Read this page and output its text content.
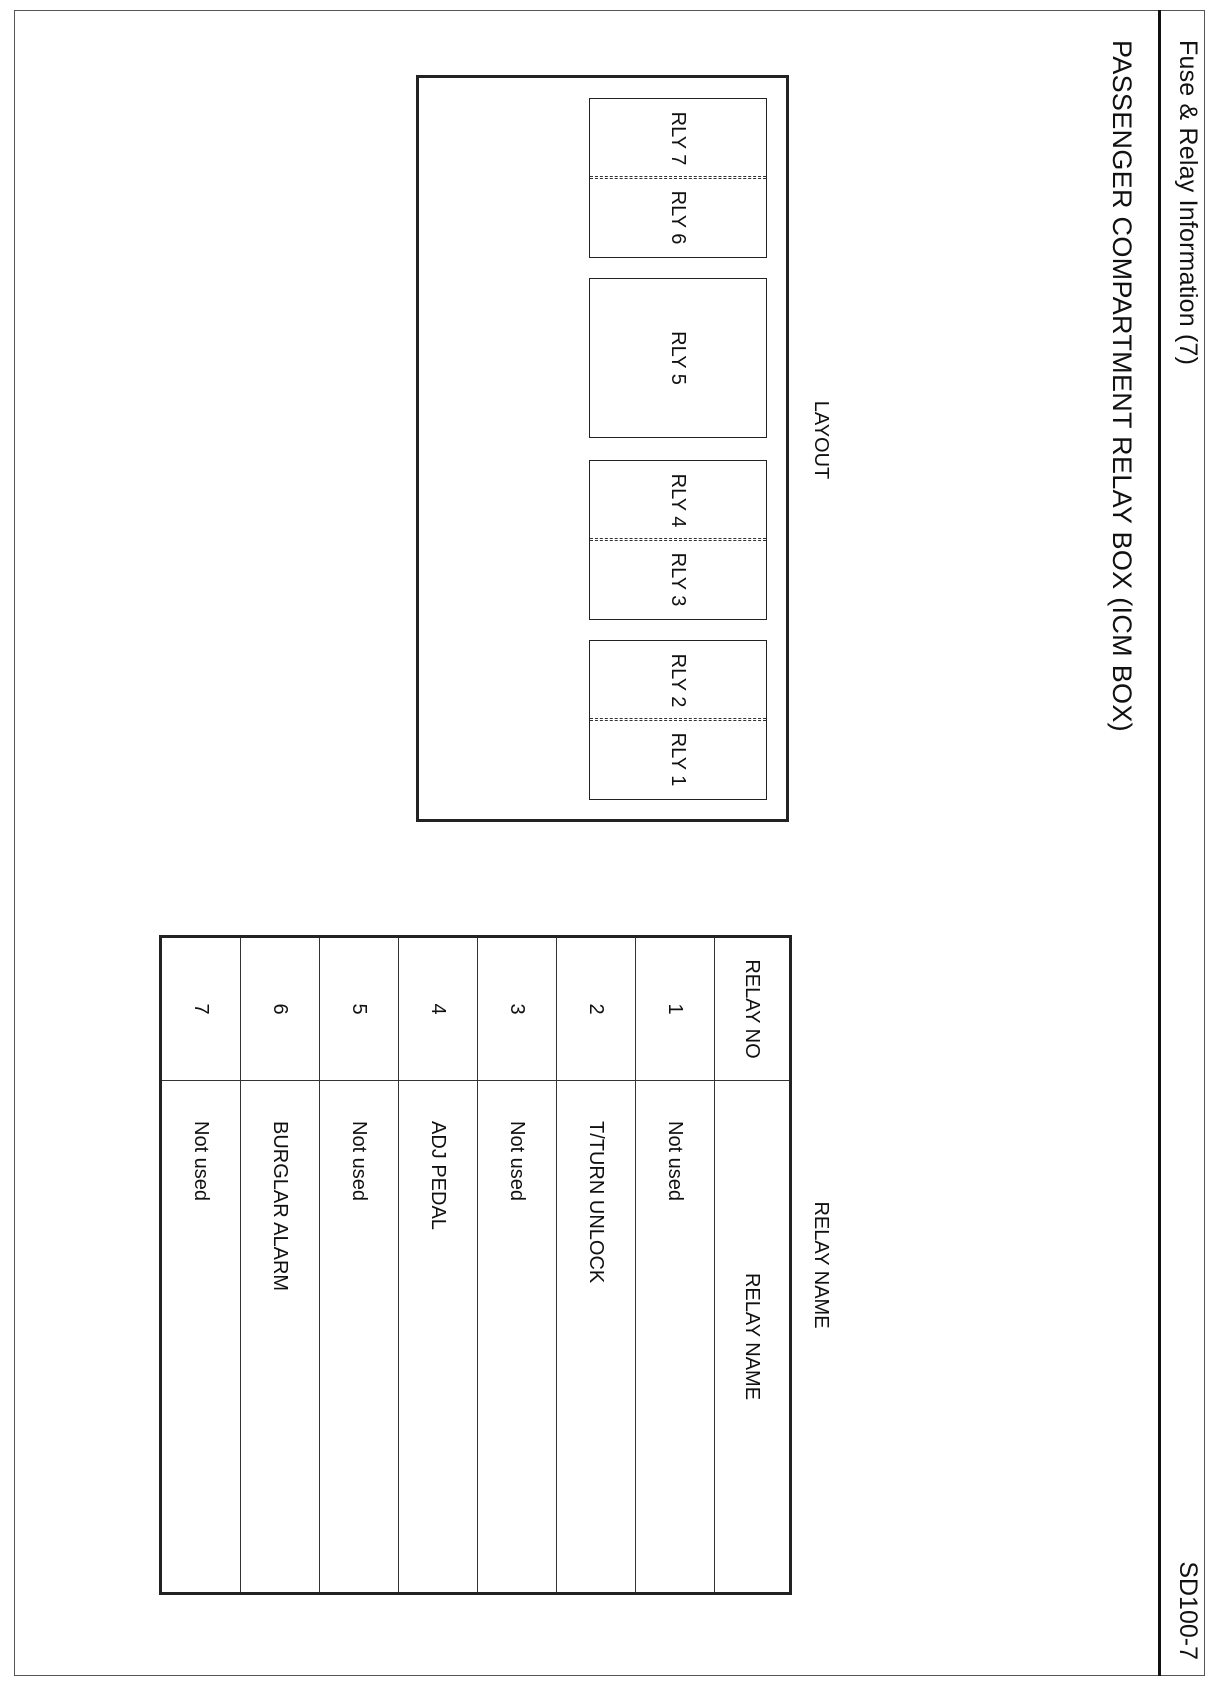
Fuse & Relay Information (7)
SD100-7
PASSENGER COMPARTMENT RELAY BOX (ICM BOX)
LAYOUT
RLY 7
RLY 6
RLY 5
RLY 4
RLY 3
RLY 2
RLY 1
RELAY NAME
RELAY NO	RELAY NAME
1	Not used
2	T/TURN UNLOCK
3	Not used
4	ADJ PEDAL
5	Not used
6	BURGLAR ALARM
7	Not used
